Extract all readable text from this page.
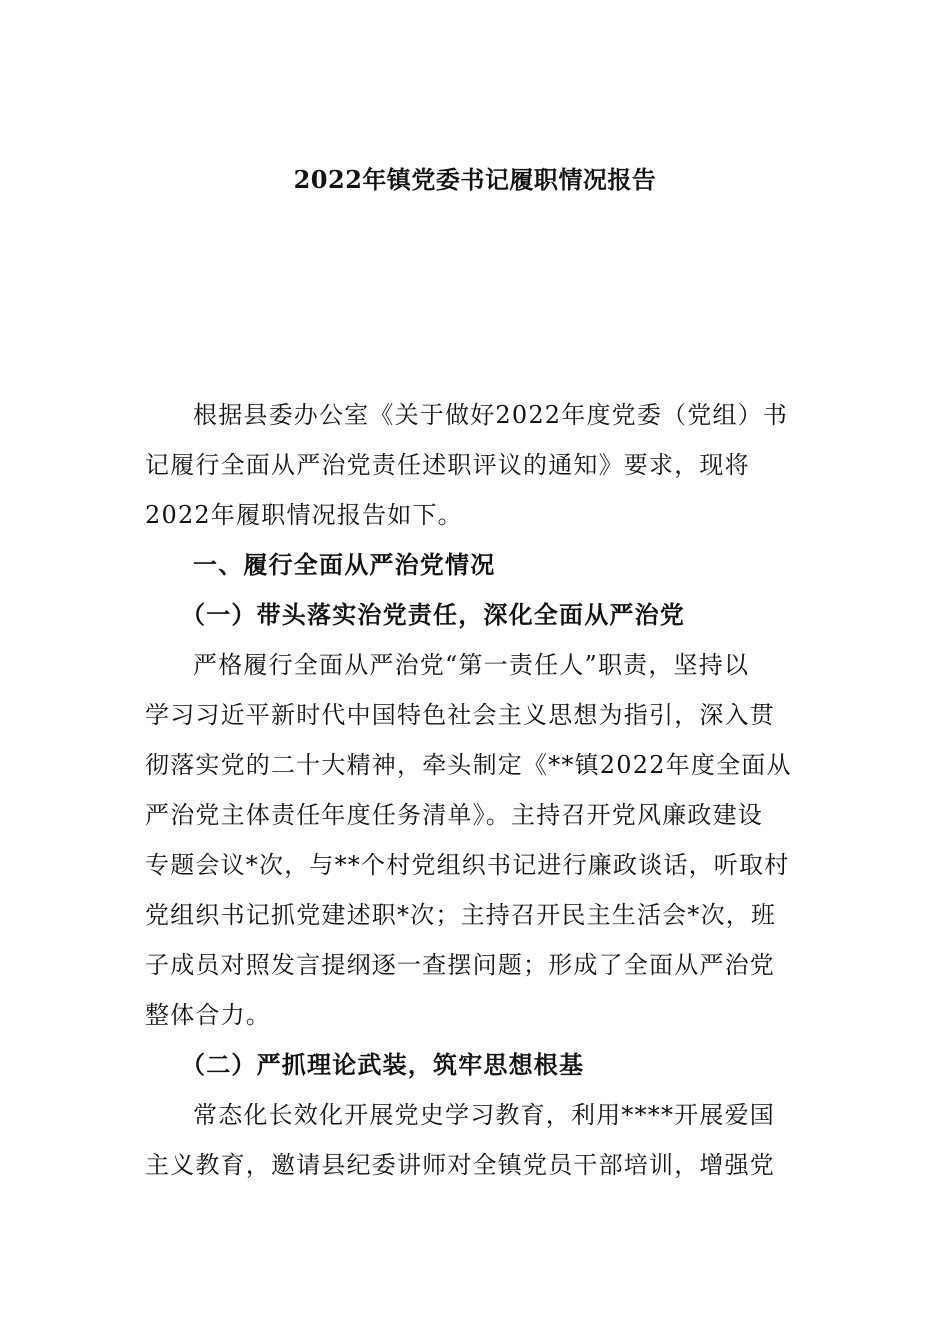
2022年镇党委书记履职情况报告
根据县委办公室《关于做好2022年度党委（党组）书
记履行全面从严治党责任述职评议的通知》要求，现将
2022年履职情况报告如下。
一、履行全面从严治党情况
（一）带头落实治党责任，深化全面从严治党
严格履行全面从严治党“第一责任人”职责，坚持以
学习习近平新时代中国特色社会主义思想为指引，深入贯
彻落实党的二十大精神，牵头制定《**镇2022年度全面从
严治党主体责任年度任务清单》。主持召开党风廉政建设
专题会议*次，与**个村党组织书记进行廉政谈话，听取村
党组织书记抓党建述职*次；主持召开民主生活会*次，班
子成员对照发言提纲逐一查摆问题；形成了全面从严治党
整体合力。
（二）严抓理论武装，筑牢思想根基
常态化长效化开展党史学习教育，利用****开展爱国
主义教育，邀请县纪委讲师对全镇党员干部培训，增强党
